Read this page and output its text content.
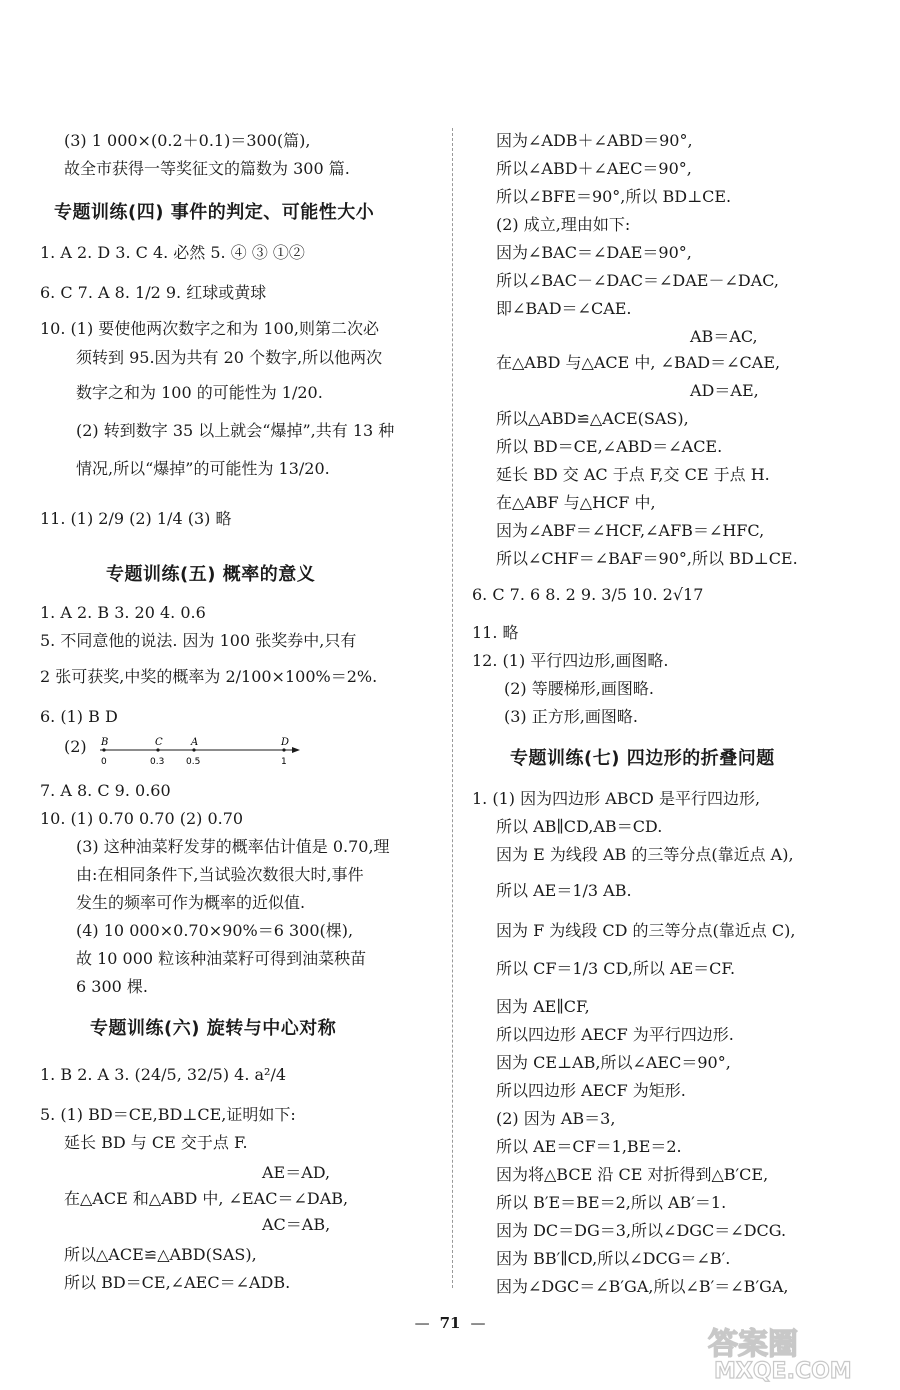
(3) 1 000×(0.2＋0.1)＝300(篇),
故全市获得一等奖征文的篇数为 300 篇.
专题训练(四) 事件的判定、可能性大小
1. A 2. D 3. C 4. 必然 5. ④ ③ ①②
6. C 7. A 8. 1/2 9. 红球或黄球
10. (1) 要使他两次数字之和为 100,则第二次必
须转到 95.因为共有 20 个数字,所以他两次
数字之和为 100 的可能性为 1/20.
(2) 转到数字 35 以上就会“爆掉”,共有 13 种
情况,所以“爆掉”的可能性为 13/20.
11. (1) 2/9 (2) 1/4 (3) 略
专题训练(五) 概率的意义
1. A 2. B 3. 20 4. 0.6
5. 不同意他的说法. 因为 100 张奖券中,只有
2 张可获奖,中奖的概率为 2/100×100%＝2%.
6. (1) B D
(2)
7. A 8. C 9. 0.60
10. (1) 0.70 0.70 (2) 0.70
(3) 这种油菜籽发芽的概率估计值是 0.70,理
由:在相同条件下,当试验次数很大时,事件
发生的频率可作为概率的近似值.
(4) 10 000×0.70×90%＝6 300(棵),
故 10 000 粒该种油菜籽可得到油菜秧苗
6 300 棵.
专题训练(六) 旋转与中心对称
1. B 2. A 3. (24/5, 32/5) 4. a²/4
5. (1) BD＝CE,BD⊥CE,证明如下:
延长 BD 与 CE 交于点 F.
AE＝AD,
在△ACE 和△ABD 中, ∠EAC＝∠DAB,
AC＝AB,
所以△ACE≌△ABD(SAS),
所以 BD＝CE,∠AEC＝∠ADB.
B	C	A	D
0	0.3 0.5	1
因为∠ADB＋∠ABD＝90°,
所以∠ABD＋∠AEC＝90°,
所以∠BFE＝90°,所以 BD⊥CE.
(2) 成立,理由如下:
因为∠BAC＝∠DAE＝90°,
所以∠BAC－∠DAC＝∠DAE－∠DAC,
即∠BAD＝∠CAE.
AB＝AC,
在△ABD 与△ACE 中, ∠BAD＝∠CAE,
AD＝AE,
所以△ABD≌△ACE(SAS),
所以 BD＝CE,∠ABD＝∠ACE.
延长 BD 交 AC 于点 F,交 CE 于点 H.
在△ABF 与△HCF 中,
因为∠ABF＝∠HCF,∠AFB＝∠HFC,
所以∠CHF＝∠BAF＝90°,所以 BD⊥CE.
6. C 7. 6 8. 2 9. 3/5 10. 2√17
11. 略
12. (1) 平行四边形,画图略.
(2) 等腰梯形,画图略.
(3) 正方形,画图略.
专题训练(七) 四边形的折叠问题
1. (1) 因为四边形 ABCD 是平行四边形,
所以 AB∥CD,AB＝CD.
因为 E 为线段 AB 的三等分点(靠近点 A),
所以 AE＝1/3 AB.
因为 F 为线段 CD 的三等分点(靠近点 C),
所以 CF＝1/3 CD,所以 AE＝CF.
因为 AE∥CF,
所以四边形 AECF 为平行四边形.
因为 CE⊥AB,所以∠AEC＝90°,
所以四边形 AECF 为矩形.
(2) 因为 AB＝3,
所以 AE＝CF＝1,BE＝2.
因为将△BCE 沿 CE 对折得到△B′CE,
所以 B′E＝BE＝2,所以 AB′＝1.
因为 DC＝DG＝3,所以∠DGC＝∠DCG.
因为 BB′∥CD,所以∠DCG＝∠B′.
因为∠DGC＝∠B′GA,所以∠B′＝∠B′GA,
— 71 —
答案圈
MXQE.COM
